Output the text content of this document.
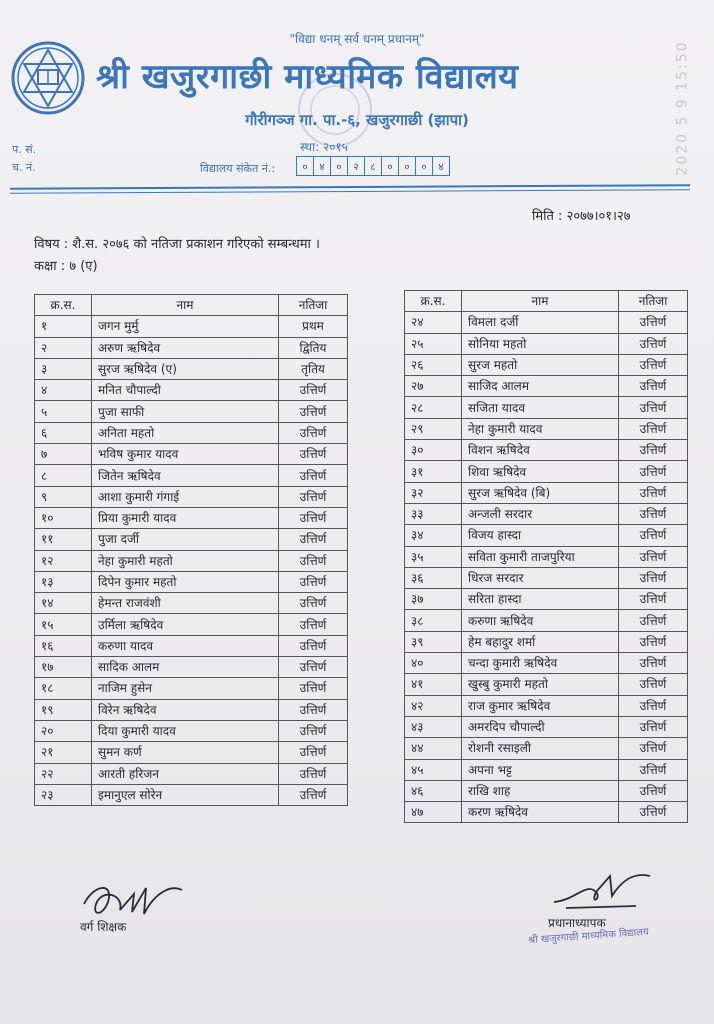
"विद्या धनम् सर्व धनम् प्रधानम्"
श्री खजुरगाछी माध्यमिक विद्यालय
गौरीगञ्ज गा. पा.-६, खजुरगाछी (झापा)
स्था: २०१५
प. सं.
च. नं.	विद्यालय संकेत नं.:	०	४	०	२	८	०	०	०	४	2020 5 9 15:50
मिति : २०७७।०१।२७
विषय : शै.स. २०७६ को नतिजा प्रकाशन गरिएको सम्बन्धमा ।
कक्षा : ७ (ए)
क्र.स.	नाम	नतिजा
१	जगन मुर्मु	प्रथम
२	अरुण ऋषिदेव	द्वितिय
३	सुरज ऋषिदेव (ए)	तृतिय
४	मनित चौपाल्दी	उत्तिर्ण
५	पुजा साफी	उत्तिर्ण
६	अनिता महतो	उत्तिर्ण
७	भविष कुमार यादव	उत्तिर्ण
८	जितेन ऋषिदेव	उत्तिर्ण
९	आशा कुमारी गंगाई	उत्तिर्ण
१०	प्रिया कुमारी यादव	उत्तिर्ण
११	पुजा दर्जी	उत्तिर्ण
१२	नेहा कुमारी महतो	उत्तिर्ण
१३	दिपेन कुमार महतो	उत्तिर्ण
१४	हेमन्त राजवंशी	उत्तिर्ण
१५	उर्मिला ऋषिदेव	उत्तिर्ण
१६	करुणा यादव	उत्तिर्ण
१७	सादिक आलम	उत्तिर्ण
१८	नाजिम हुसेन	उत्तिर्ण
१९	विरेन ऋषिदेव	उत्तिर्ण
२०	दिया कुमारी यादव	उत्तिर्ण
२१	सुमन कर्ण	उत्तिर्ण
२२	आरती हरिजन	उत्तिर्ण
२३	इमानुएल सोरेन	उत्तिर्ण
क्र.स.	नाम	नतिजा
२४	विमला दर्जी	उत्तिर्ण
२५	सोनिया महतो	उत्तिर्ण
२६	सुरज महतो	उत्तिर्ण
२७	साजिद आलम	उत्तिर्ण
२८	सजिता यादव	उत्तिर्ण
२९	नेहा कुमारी यादव	उत्तिर्ण
३०	विशन ऋषिदेव	उत्तिर्ण
३१	शिवा ऋषिदेव	उत्तिर्ण
३२	सुरज ऋषिदेव (बि)	उत्तिर्ण
३३	अन्जली सरदार	उत्तिर्ण
३४	विजय हास्दा	उत्तिर्ण
३५	सविता कुमारी ताजपुरिया	उत्तिर्ण
३६	धिरज सरदार	उत्तिर्ण
३७	सरिता हास्दा	उत्तिर्ण
३८	करुणा ऋषिदेव	उत्तिर्ण
३९	हेम बहादुर शर्मा	उत्तिर्ण
४०	चन्दा कुमारी ऋषिदेव	उत्तिर्ण
४१	खुस्बु कुमारी महतो	उत्तिर्ण
४२	राज कुमार ऋषिदेव	उत्तिर्ण
४३	अमरदिप चौपाल्दी	उत्तिर्ण
४४	रोशनी रसाइली	उत्तिर्ण
४५	अपना भट्ट	उत्तिर्ण
४६	राखि शाह	उत्तिर्ण
४७	करण ऋषिदेव	उत्तिर्ण
वर्ग शिक्षक	प्रधानाध्यापक
श्री खजुरगाछी माध्यमिक विद्यालय
